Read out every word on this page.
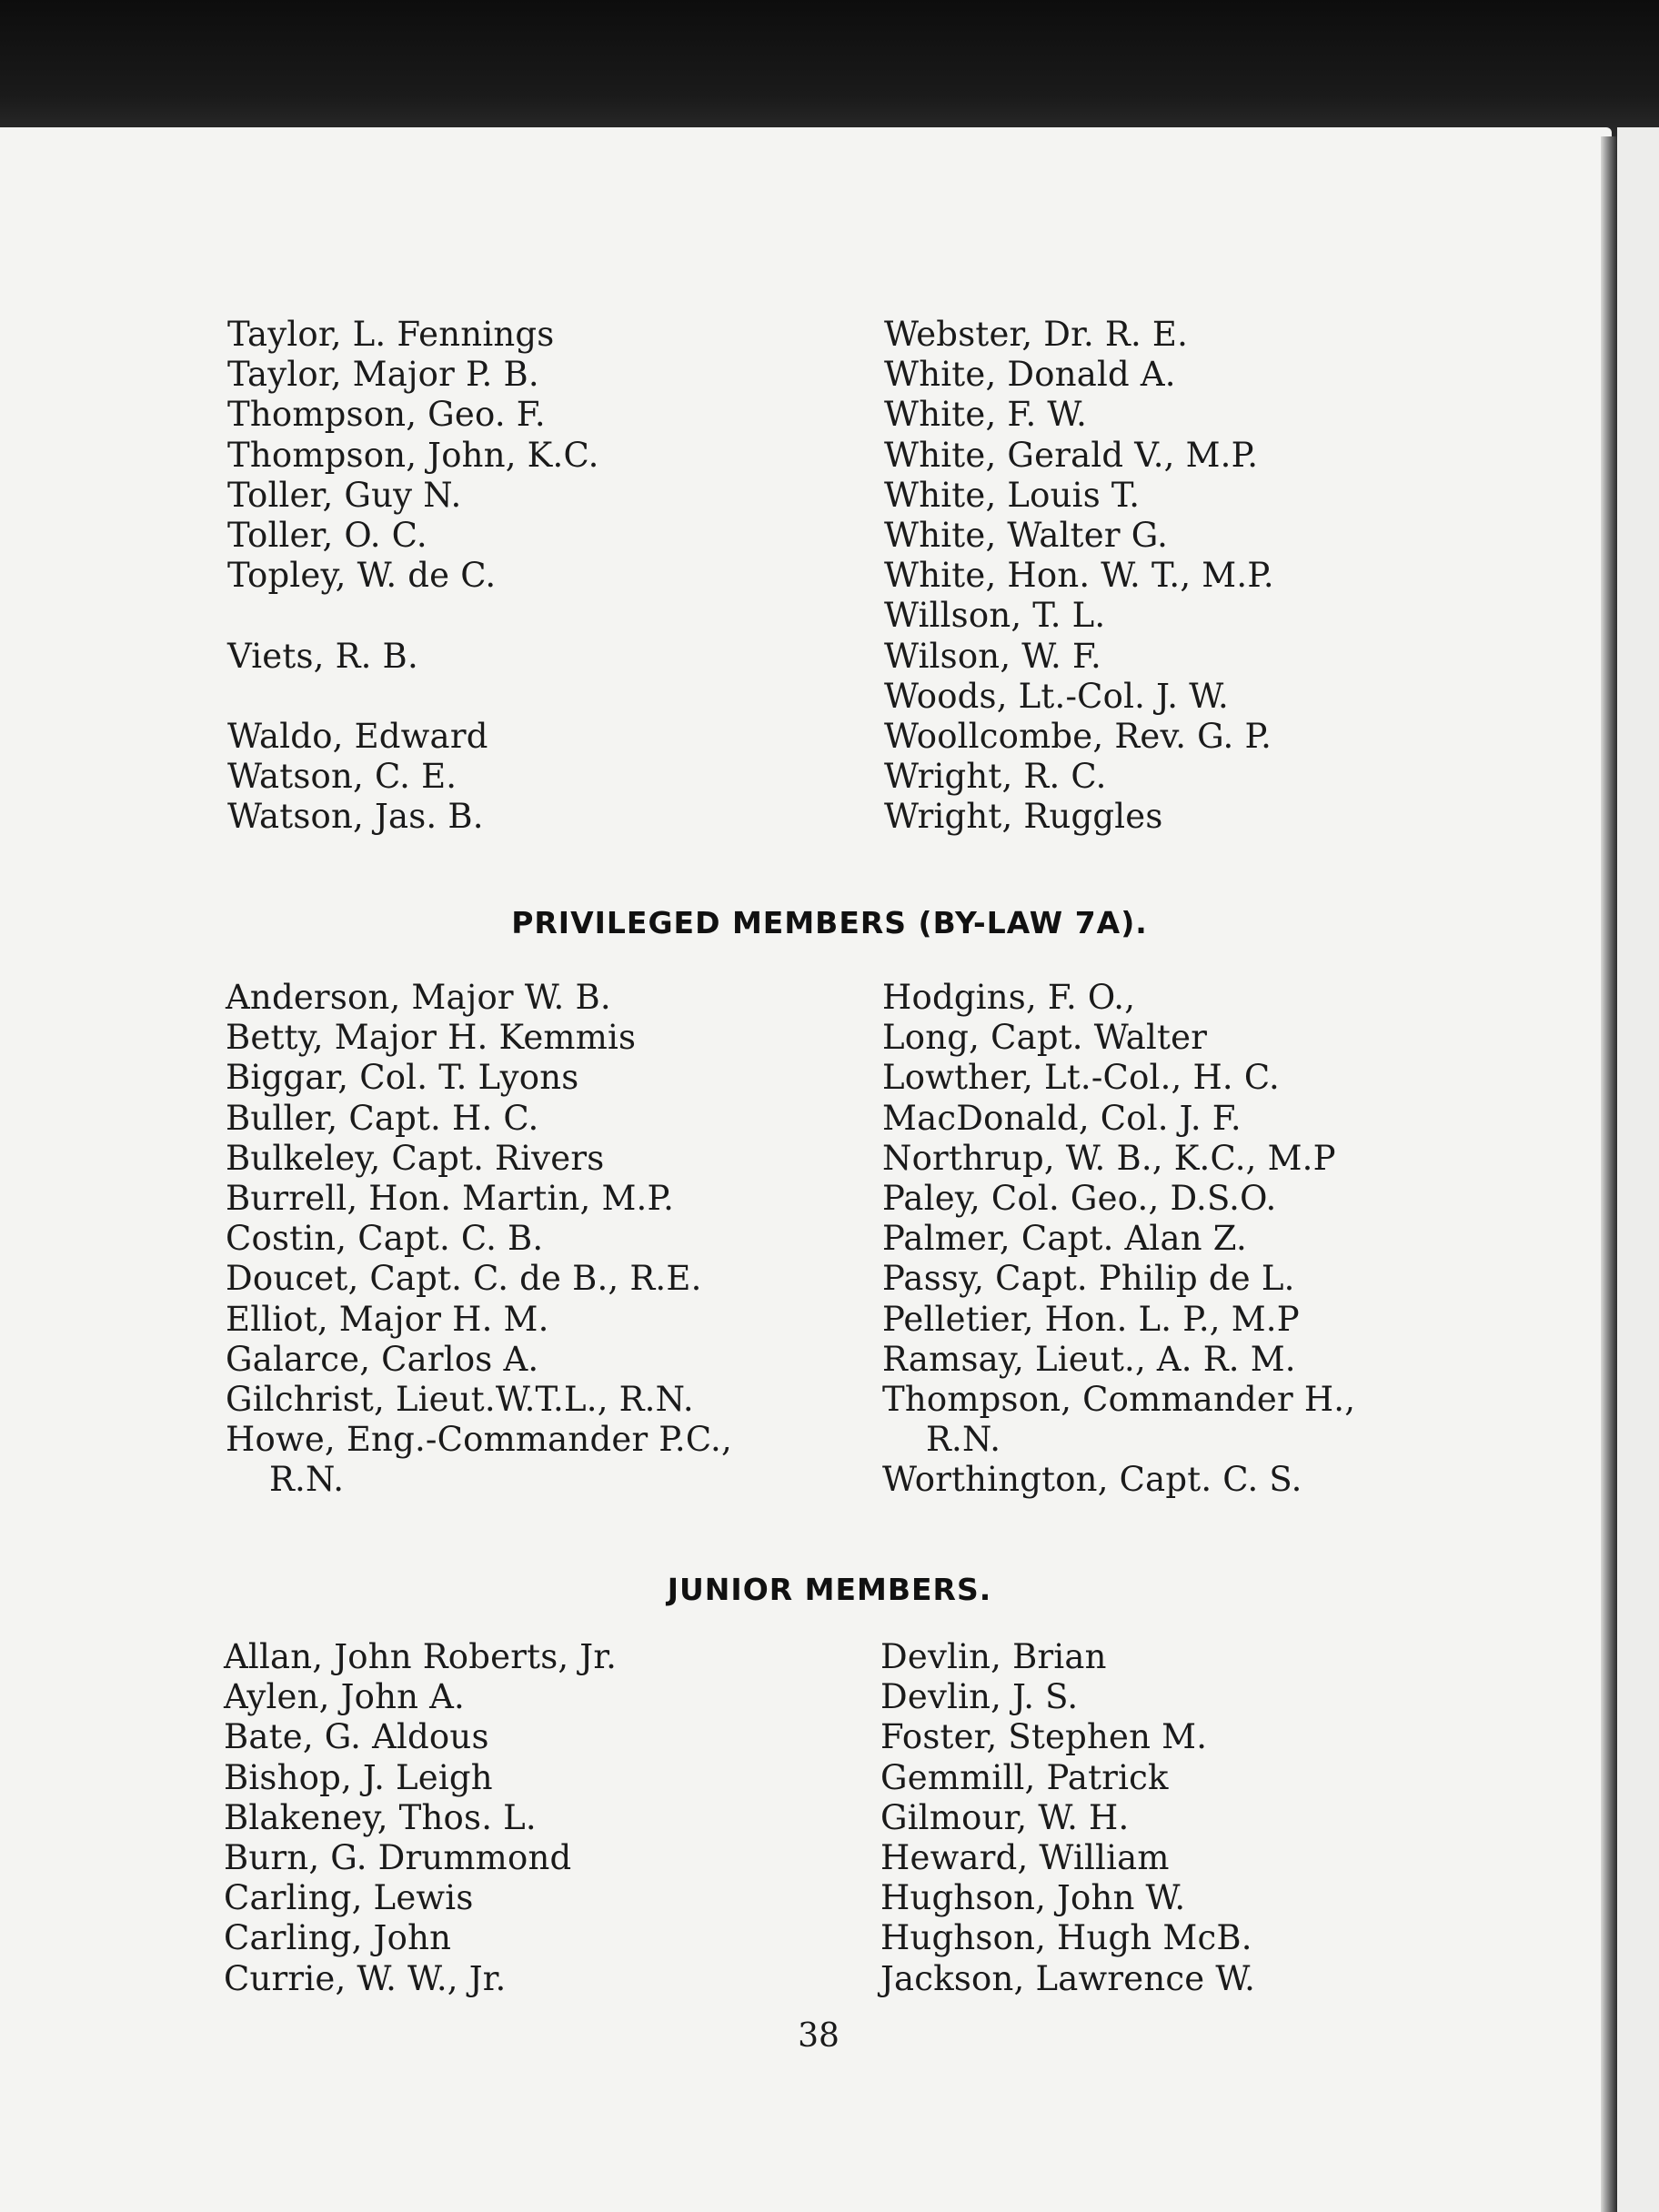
Taylor, L. Fennings
Taylor, Major P. B.
Thompson, Geo. F.
Thompson, John, K.C.
Toller, Guy N.
Toller, O. C.
Topley, W. de C.
Viets, R. B.
Waldo, Edward
Watson, C. E.
Watson, Jas. B.
Webster, Dr. R. E.
White, Donald A.
White, F. W.
White, Gerald V., M.P.
White, Louis T.
White, Walter G.
White, Hon. W. T., M.P.
Willson, T. L.
Wilson, W. F.
Woods, Lt.-Col. J. W.
Woollcombe, Rev. G. P.
Wright, R. C.
Wright, Ruggles
PRIVILEGED MEMBERS (BY-LAW 7A).
Anderson, Major W. B.
Betty, Major H. Kemmis
Biggar, Col. T. Lyons
Buller, Capt. H. C.
Bulkeley, Capt. Rivers
Burrell, Hon. Martin, M.P.
Costin, Capt. C. B.
Doucet, Capt. C. de B., R.E.
Elliot, Major H. M.
Galarce, Carlos A.
Gilchrist, Lieut.W.T.L., R.N.
Howe, Eng.-Commander P.C.,
R.N.
Hodgins, F. O.,
Long, Capt. Walter
Lowther, Lt.-Col., H. C.
MacDonald, Col. J. F.
Northrup, W. B., K.C., M.P
Paley, Col. Geo., D.S.O.
Palmer, Capt. Alan Z.
Passy, Capt. Philip de L.
Pelletier, Hon. L. P., M.P
Ramsay, Lieut., A. R. M.
Thompson, Commander H.,
R.N.
Worthington, Capt. C. S.
JUNIOR MEMBERS.
Allan, John Roberts, Jr.
Aylen, John A.
Bate, G. Aldous
Bishop, J. Leigh
Blakeney, Thos. L.
Burn, G. Drummond
Carling, Lewis
Carling, John
Currie, W. W., Jr.
Devlin, Brian
Devlin, J. S.
Foster, Stephen M.
Gemmill, Patrick
Gilmour, W. H.
Heward, William
Hughson, John W.
Hughson, Hugh McB.
Jackson, Lawrence W.
38
